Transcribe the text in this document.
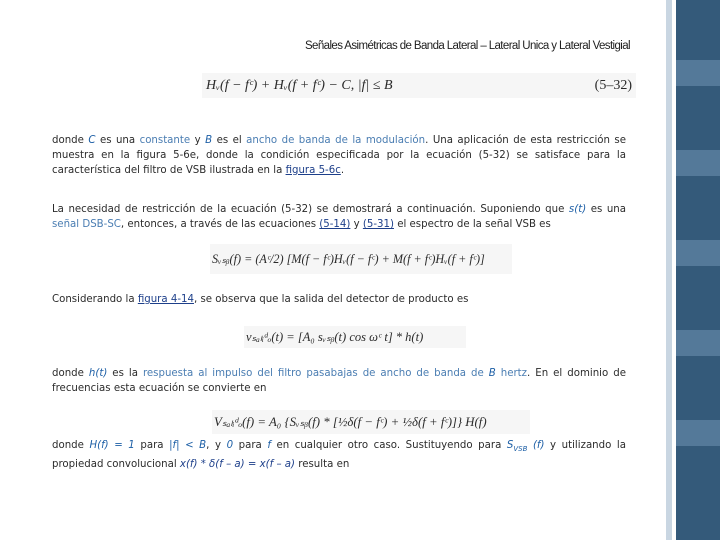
Señales Asimétricas de Banda Lateral – Lateral Unica y Lateral Vestigial
Hᵥ(f − fᶜ) + Hᵥ(f + fᶜ) − C, |f| ≤ B	(5–32)
donde C es una constante y B es el ancho de banda de la modulación. Una aplicación de esta restricción se muestra en la figura 5-6e, donde la condición especificada por la ecuación (5-32) se satisface para la característica del filtro de VSB ilustrada en la figura 5-6c.
La necesidad de restricción de la ecuación (5-32) se demostrará a continuación. Suponiendo que s(t) es una señal DSB-SC, entonces, a través de las ecuaciones (5-14) y (5-31) el espectro de la señal VSB es
Sᵥₛᵦ(f) = (Aᶜ/2) [M(f − fᶜ)Hᵥ(f − fᶜ) + M(f + fᶜ)Hᵥ(f + fᶜ)]
Considerando la figura 4-14, se observa que la salida del detector de producto es
vₛₐₗᵢᵈₒ(t) = [A₀ sᵥₛᵦ(t) cos ωᶜ t] * h(t)
donde h(t) es la respuesta al impulso del filtro pasabajas de ancho de banda de B hertz. En el dominio de frecuencias esta ecuación se convierte en
Vₛₐₗᵢᵈₒ(f) = A₀ {Sᵥₛᵦ(f) * [½δ(f − fᶜ) + ½δ(f + fᶜ)]} H(f)
donde H(f) = 1 para |f| < B, y 0 para f en cualquier otro caso. Sustituyendo para $S_{VSB}$ (f) y utilizando la propiedad convolucional x(f) * δ(f – a) = x(f – a) resulta en
